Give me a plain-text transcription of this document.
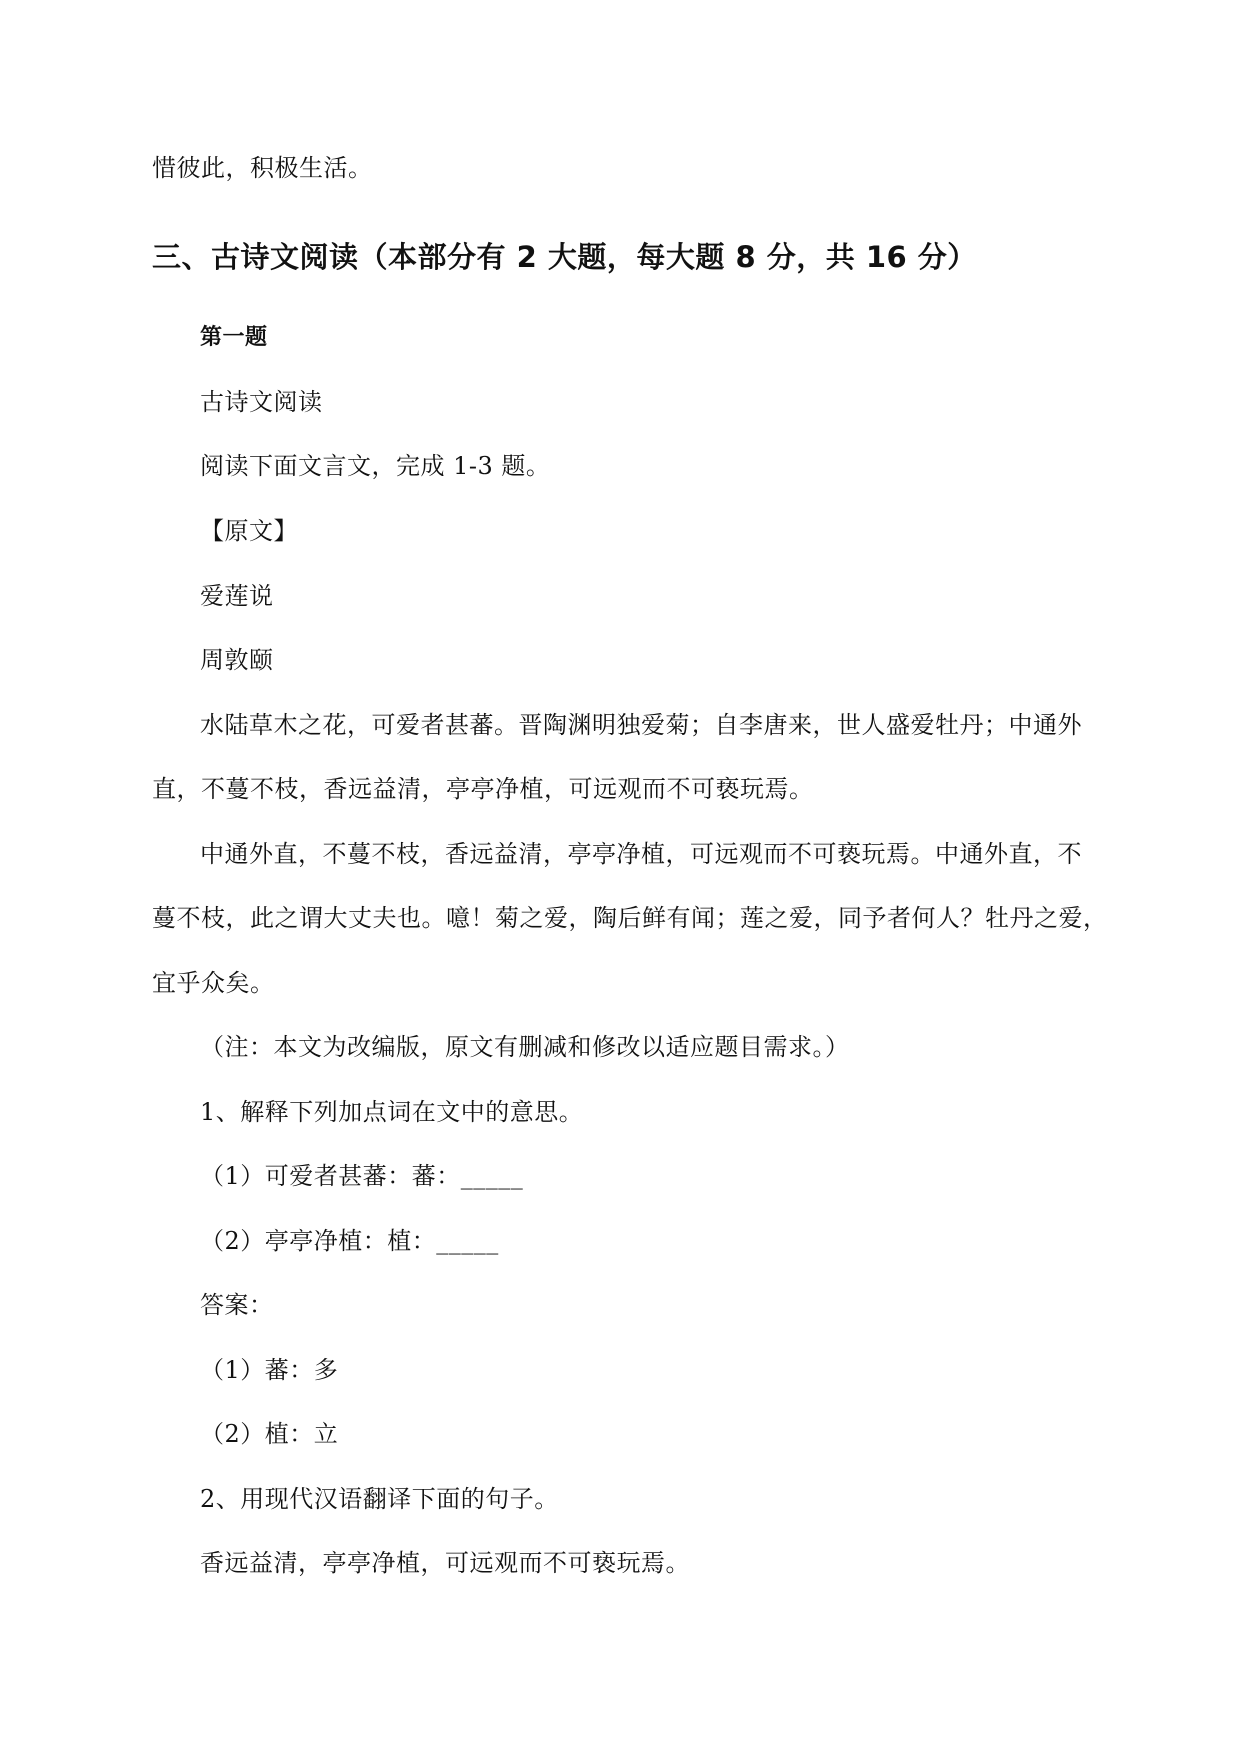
惜彼此，积极生活。
三、古诗文阅读（本部分有 2 大题，每大题 8 分，共 16 分）
第一题
古诗文阅读
阅读下面文言文，完成 1-3 题。
【原文】
爱莲说
周敦颐
水陆草木之花，可爱者甚蕃。晋陶渊明独爱菊；自李唐来，世人盛爱牡丹；中通外
直，不蔓不枝，香远益清，亭亭净植，可远观而不可亵玩焉。
中通外直，不蔓不枝，香远益清，亭亭净植，可远观而不可亵玩焉。中通外直，不
蔓不枝，此之谓大丈夫也。噫！菊之爱，陶后鲜有闻；莲之爱，同予者何人？牡丹之爱，
宜乎众矣。
（注：本文为改编版，原文有删减和修改以适应题目需求。）
1、解释下列加点词在文中的意思。
（1）可爱者甚蕃：蕃：_____
（2）亭亭净植：植：_____
答案：
（1）蕃：多
（2）植：立
2、用现代汉语翻译下面的句子。
香远益清，亭亭净植，可远观而不可亵玩焉。
